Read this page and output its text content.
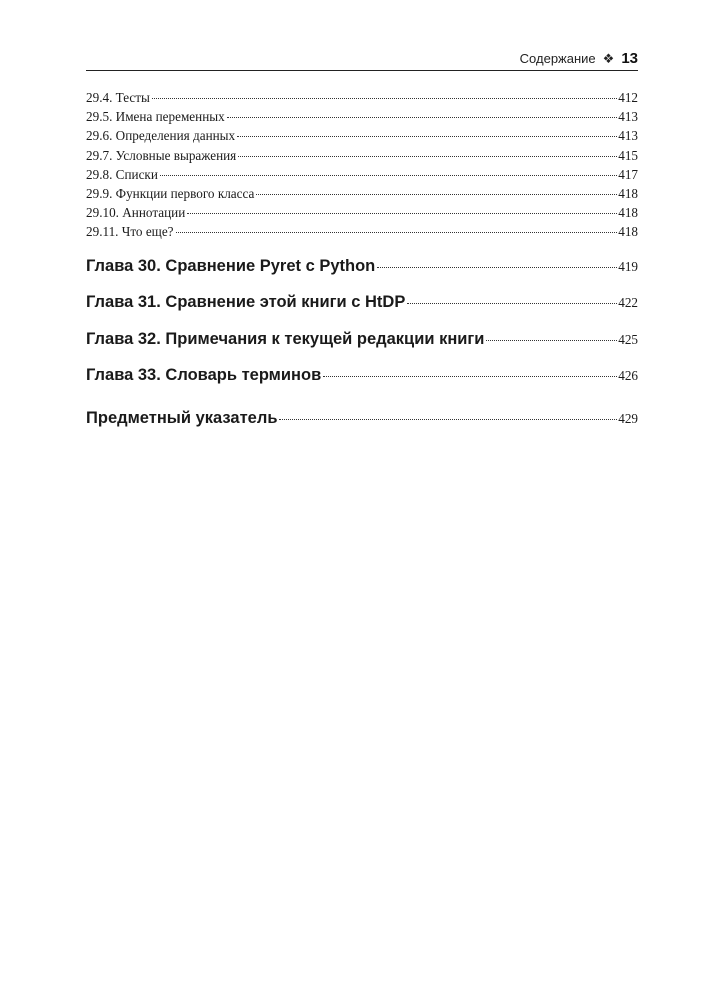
Содержание ❖ 13
29.4. Тесты	412
29.5. Имена переменных	413
29.6. Определения данных	413
29.7. Условные выражения	415
29.8. Списки	417
29.9. Функции первого класса	418
29.10. Аннотации	418
29.11. Что еще?	418
Глава 30. Сравнение Pyret с Python	419
Глава 31. Сравнение этой книги с HtDP	422
Глава 32. Примечания к текущей редакции книги	425
Глава 33. Словарь терминов	426
Предметный указатель	429
